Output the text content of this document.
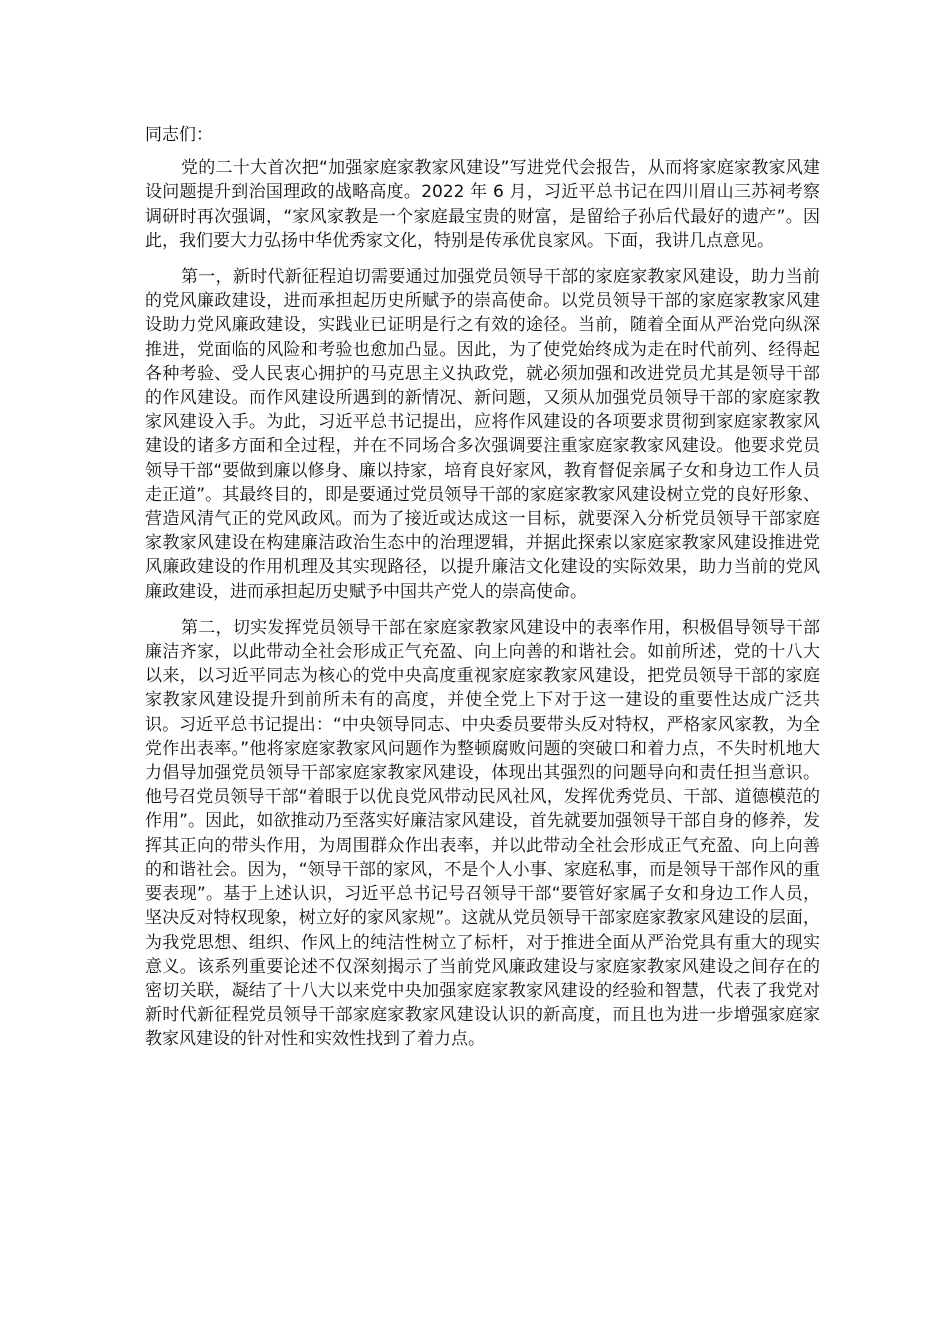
同志们：

党的二十大首次把“加强家庭家教家风建设”写进党代会报告，从而将家庭家教家风建设问题提升到治国理政的战略高度。2022 年 6 月，习近平总书记在四川眉山三苏祠考察调研时再次强调，“家风家教是一个家庭最宝贵的财富，是留给子孙后代最好的遗产”。因此，我们要大力弘扬中华优秀家文化，特别是传承优良家风。下面，我讲几点意见。

第一，新时代新征程迫切需要通过加强党员领导干部的家庭家教家风建设，助力当前的党风廉政建设，进而承担起历史所赋予的崇高使命。以党员领导干部的家庭家教家风建设助力党风廉政建设，实践业已证明是行之有效的途径。当前，随着全面从严治党向纵深推进，党面临的风险和考验也愈加凸显。因此，为了使党始终成为走在时代前列、经得起各种考验、受人民衷心拥护的马克思主义执政党，就必须加强和改进党员尤其是领导干部的作风建设。而作风建设所遇到的新情况、新问题，又须从加强党员领导干部的家庭家教家风建设入手。为此，习近平总书记提出，应将作风建设的各项要求贯彻到家庭家教家风建设的诸多方面和全过程，并在不同场合多次强调要注重家庭家教家风建设。他要求党员领导干部“要做到廉以修身、廉以持家，培育良好家风，教育督促亲属子女和身边工作人员走正道”。其最终目的，即是要通过党员领导干部的家庭家教家风建设树立党的良好形象、营造风清气正的党风政风。而为了接近或达成这一目标，就要深入分析党员领导干部家庭家教家风建设在构建廉洁政治生态中的治理逻辑，并据此探索以家庭家教家风建设推进党风廉政建设的作用机理及其实现路径，以提升廉洁文化建设的实际效果，助力当前的党风廉政建设，进而承担起历史赋予中国共产党人的崇高使命。

第二，切实发挥党员领导干部在家庭家教家风建设中的表率作用，积极倡导领导干部廉洁齐家，以此带动全社会形成正气充盈、向上向善的和谐社会。如前所述，党的十八大以来，以习近平同志为核心的党中央高度重视家庭家教家风建设，把党员领导干部的家庭家教家风建设提升到前所未有的高度，并使全党上下对于这一建设的重要性达成广泛共识。习近平总书记提出：“中央领导同志、中央委员要带头反对特权，严格家风家教，为全党作出表率。”他将家庭家教家风问题作为整顿腐败问题的突破口和着力点，不失时机地大力倡导加强党员领导干部家庭家教家风建设，体现出其强烈的问题导向和责任担当意识。他号召党员领导干部“着眼于以优良党风带动民风社风，发挥优秀党员、干部、道德模范的作用”。因此，如欲推动乃至落实好廉洁家风建设，首先就要加强领导干部自身的修养，发挥其正向的带头作用，为周围群众作出表率，并以此带动全社会形成正气充盈、向上向善的和谐社会。因为，“领导干部的家风，不是个人小事、家庭私事，而是领导干部作风的重要表现”。基于上述认识，习近平总书记号召领导干部“要管好家属子女和身边工作人员，坚决反对特权现象，树立好的家风家规”。这就从党员领导干部家庭家教家风建设的层面，为我党思想、组织、作风上的纯洁性树立了标杆，对于推进全面从严治党具有重大的现实意义。该系列重要论述不仅深刻揭示了当前党风廉政建设与家庭家教家风建设之间存在的密切关联，凝结了十八大以来党中央加强家庭家教家风建设的经验和智慧，代表了我党对新时代新征程党员领导干部家庭家教家风建设认识的新高度，而且也为进一步增强家庭家教家风建设的针对性和实效性找到了着力点。
